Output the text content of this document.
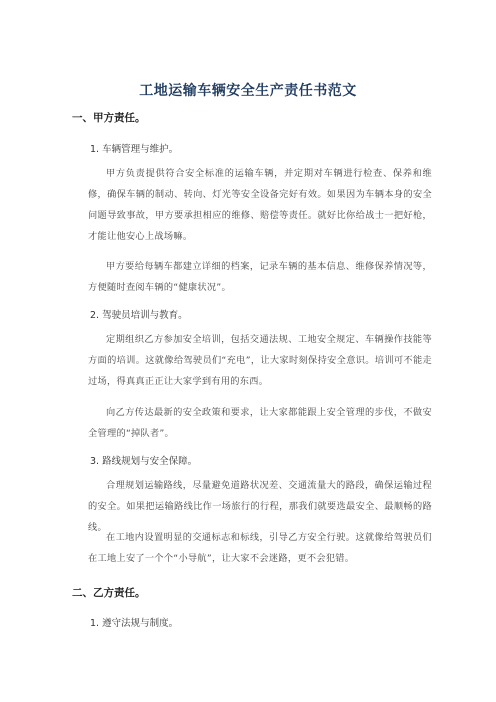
工地运输车辆安全生产责任书范文
一、甲方责任。
1. 车辆管理与维护。
甲方负责提供符合安全标准的运输车辆，并定期对车辆进行检查、保养和维修，确保车辆的制动、转向、灯光等安全设备完好有效。如果因为车辆本身的安全问题导致事故，甲方要承担相应的维修、赔偿等责任。就好比你给战士一把好枪，才能让他安心上战场嘛。
甲方要给每辆车都建立详细的档案，记录车辆的基本信息、维修保养情况等，方便随时查阅车辆的“健康状况”。
2. 驾驶员培训与教育。
定期组织乙方参加安全培训，包括交通法规、工地安全规定、车辆操作技能等方面的培训。这就像给驾驶员们“充电”，让大家时刻保持安全意识。培训可不能走过场，得真真正正让大家学到有用的东西。
向乙方传达最新的安全政策和要求，让大家都能跟上安全管理的步伐，不做安全管理的“掉队者”。
3. 路线规划与安全保障。
合理规划运输路线，尽量避免道路状况差、交通流量大的路段，确保运输过程的安全。如果把运输路线比作一场旅行的行程，那我们就要选最安全、最顺畅的路线。
在工地内设置明显的交通标志和标线，引导乙方安全行驶。这就像给驾驶员们在工地上安了一个个“小导航”，让大家不会迷路，更不会犯错。
二、乙方责任。
1. 遵守法规与制度。
